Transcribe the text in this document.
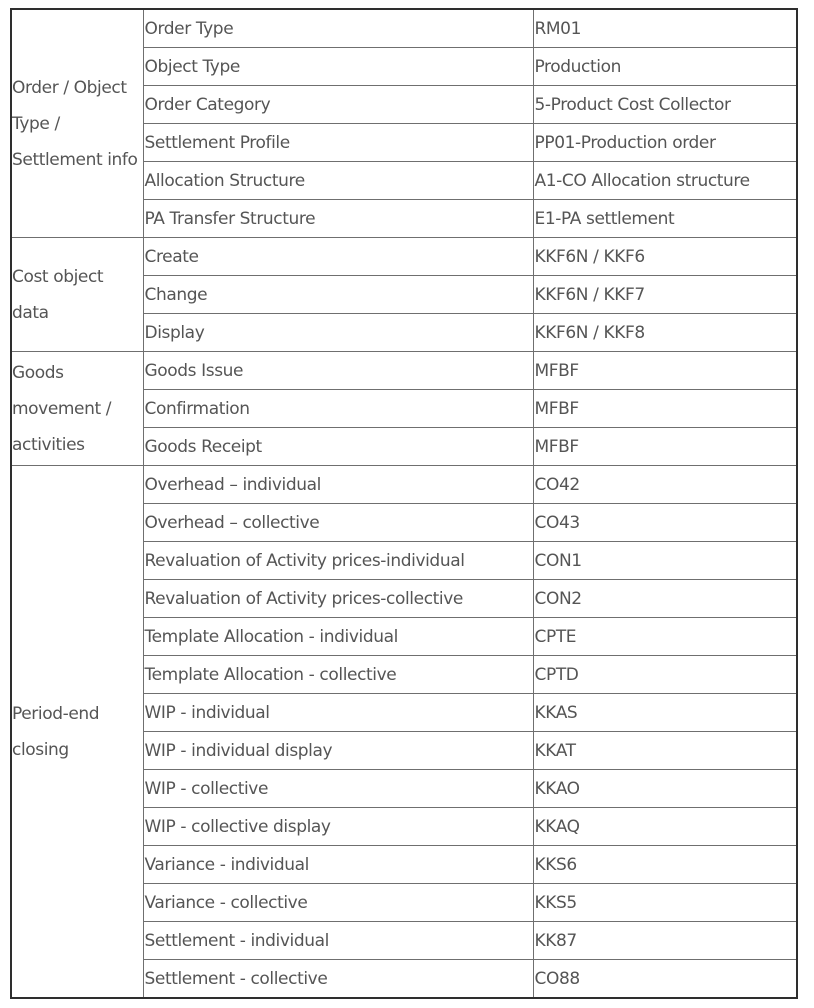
Order / Object Type / Settlement info	Order Type	RM01
	Object Type	Production
	Order Category	5-Product Cost Collector
	Settlement Profile	PP01-Production order
	Allocation Structure	A1-CO Allocation structure
	PA Transfer Structure	E1-PA settlement
Cost object data	Create	KKF6N / KKF6
	Change	KKF6N / KKF7
	Display	KKF6N / KKF8
Goods movement / activities	Goods Issue	MFBF
	Confirmation	MFBF
	Goods Receipt	MFBF
Period-end closing	Overhead – individual	CO42
	Overhead – collective	CO43
	Revaluation of Activity prices-individual	CON1
	Revaluation of Activity prices-collective	CON2
	Template Allocation - individual	CPTE
	Template Allocation - collective	CPTD
	WIP - individual	KKAS
	WIP - individual display	KKAT
	WIP - collective	KKAO
	WIP - collective display	KKAQ
	Variance - individual	KKS6
	Variance - collective	KKS5
	Settlement - individual	KK87
	Settlement - collective	CO88
